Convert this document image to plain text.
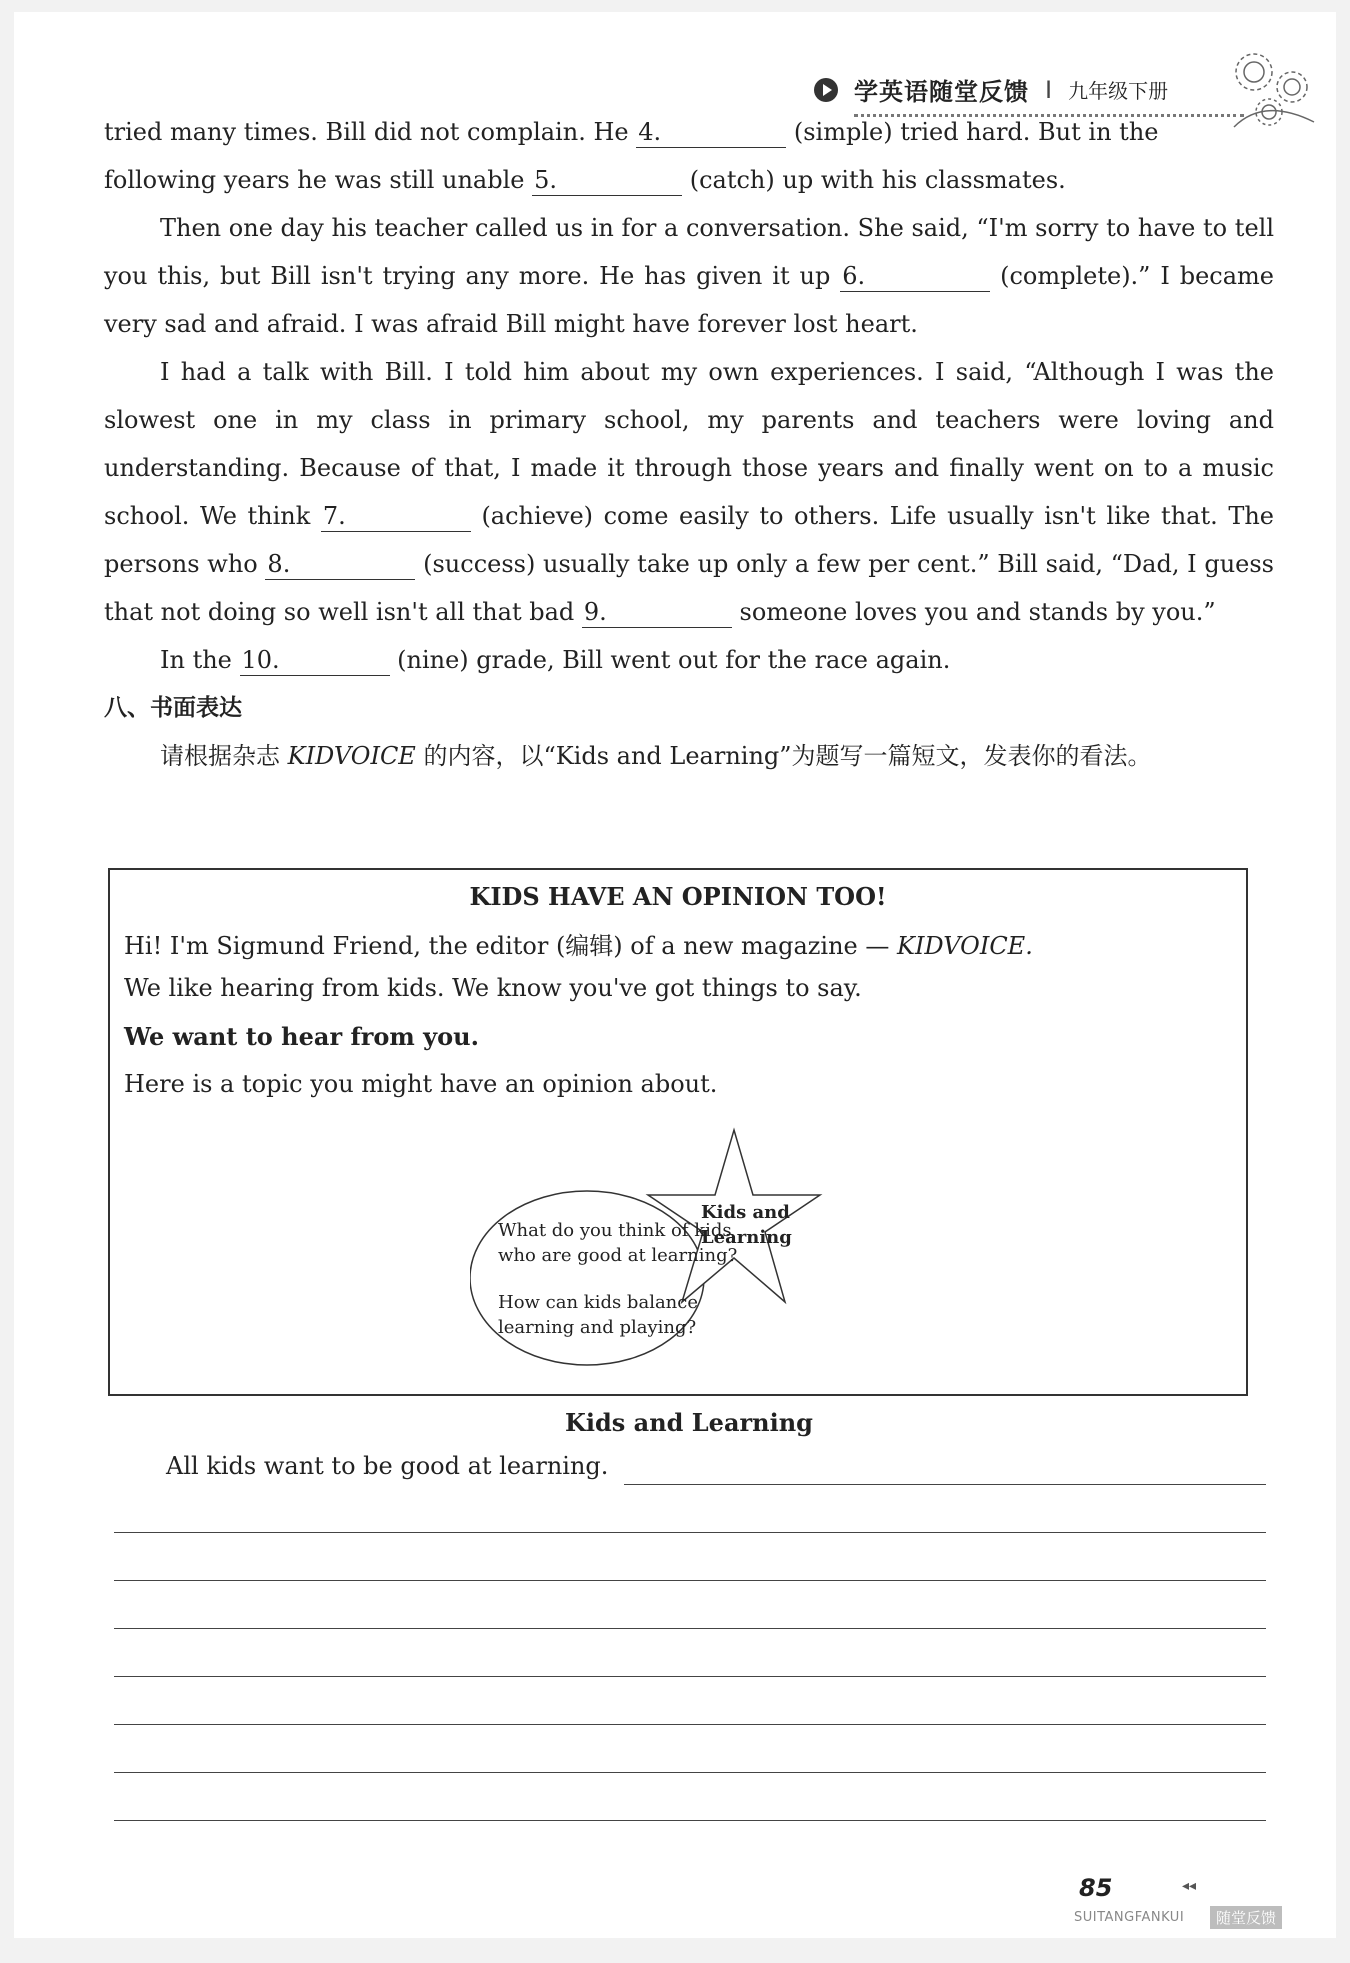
学英语随堂反馈 I 九年级下册

tried many times. Bill did not complain. He 4.	(simple) tried hard. But in the

following years he was still unable 5.	(catch) up with his classmates.

Then one day his teacher called us in for a conversation. She said, “I'm sorry to have to tell you this, but Bill isn't trying any more. He has given it up 6.	(complete).” I became very sad and afraid. I was afraid Bill might have forever lost heart.

I had a talk with Bill. I told him about my own experiences. I said, “Although I was the slowest one in my class in primary school, my parents and teachers were loving and understanding. Because of that, I made it through those years and finally went on to a music school. We think 7.	(achieve) come easily to others. Life usually isn't like that. The persons who 8.	(success) usually take up only a few per cent.” Bill said, “Dad, I guess that not doing so well isn't all that bad 9.	someone loves you and stands by you.”

In the 10.	(nine) grade, Bill went out for the race again.

八、书面表达

请根据杂志 KIDVOICE 的内容，以“Kids and Learning”为题写一篇短文，发表你的看法。

KIDS HAVE AN OPINION TOO!
Hi! I'm Sigmund Friend, the editor (编辑) of a new magazine — KIDVOICE.
We like hearing from kids. We know you've got things to say.
We want to hear from you.
Here is a topic you might have an opinion about.
What do you think of kids
who are good at learning?
How can kids balance
learning and playing?
Kids and
Learning
Kids and Learning
All kids want to be good at learning.
85	◂◂
SUITANGFANKUI	随堂反馈
